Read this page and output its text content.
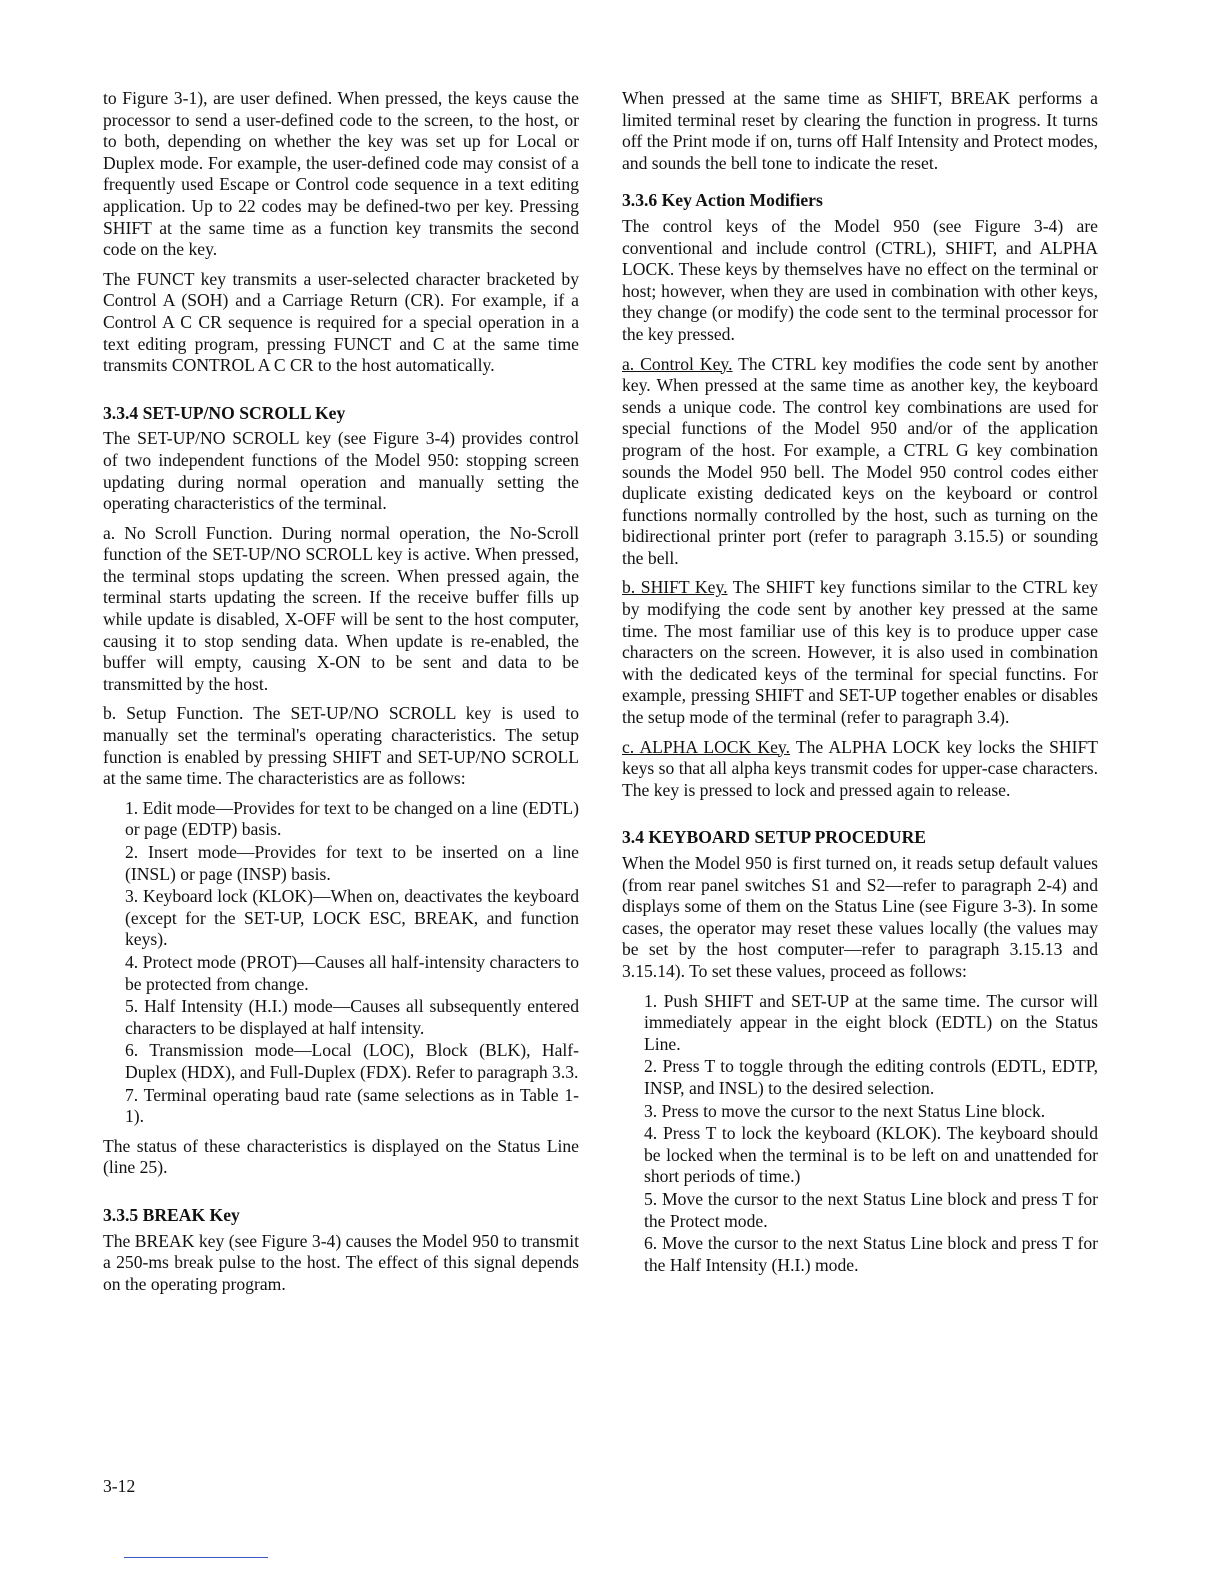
to Figure 3-1), are user defined. When pressed, the keys cause the processor to send a user-defined code to the screen, to the host, or to both, depending on whether the key was set up for Local or Duplex mode. For example, the user-defined code may consist of a frequently used Escape or Control code sequence in a text editing application. Up to 22 codes may be defined-two per key. Pressing SHIFT at the same time as a function key transmits the second code on the key.

The FUNCT key transmits a user-selected character bracketed by Control A (SOH) and a Carriage Return (CR). For example, if a Control A C CR sequence is required for a special operation in a text editing program, pressing FUNCT and C at the same time transmits CONTROL A C CR to the host automatically.

3.3.4 SET-UP/NO SCROLL Key

The SET-UP/NO SCROLL key (see Figure 3-4) provides control of two independent functions of the Model 950: stopping screen updating during normal operation and manually setting the operating characteristics of the terminal.

a. No Scroll Function. During normal operation, the No-Scroll function of the SET-UP/NO SCROLL key is active. When pressed, the terminal stops updating the screen. When pressed again, the terminal starts updating the screen. If the receive buffer fills up while update is disabled, X-OFF will be sent to the host computer, causing it to stop sending data. When update is re-enabled, the buffer will empty, causing X-ON to be sent and data to be transmitted by the host.

b. Setup Function. The SET-UP/NO SCROLL key is used to manually set the terminal's operating characteristics. The setup function is enabled by pressing SHIFT and SET-UP/NO SCROLL at the same time. The characteristics are as follows:

1. Edit mode—Provides for text to be changed on a line (EDTL) or page (EDTP) basis.
2. Insert mode—Provides for text to be inserted on a line (INSL) or page (INSP) basis.
3. Keyboard lock (KLOK)—When on, deactivates the keyboard (except for the SET-UP, LOCK ESC, BREAK, and function keys).
4. Protect mode (PROT)—Causes all half-intensity characters to be protected from change.
5. Half Intensity (H.I.) mode—Causes all subsequently entered characters to be displayed at half intensity.
6. Transmission mode—Local (LOC), Block (BLK), Half-Duplex (HDX), and Full-Duplex (FDX). Refer to paragraph 3.3.
7. Terminal operating baud rate (same selections as in Table 1-1).

The status of these characteristics is displayed on the Status Line (line 25).

3.3.5 BREAK Key

The BREAK key (see Figure 3-4) causes the Model 950 to transmit a 250-ms break pulse to the host. The effect of this signal depends on the operating program.

When pressed at the same time as SHIFT, BREAK performs a limited terminal reset by clearing the function in progress. It turns off the Print mode if on, turns off Half Intensity and Protect modes, and sounds the bell tone to indicate the reset.

3.3.6 Key Action Modifiers

The control keys of the Model 950 (see Figure 3-4) are conventional and include control (CTRL), SHIFT, and ALPHA LOCK. These keys by themselves have no effect on the terminal or host; however, when they are used in combination with other keys, they change (or modify) the code sent to the terminal processor for the key pressed.

a. Control Key. The CTRL key modifies the code sent by another key. When pressed at the same time as another key, the keyboard sends a unique code. The control key combinations are used for special functions of the Model 950 and/or of the application program of the host. For example, a CTRL G key combination sounds the Model 950 bell. The Model 950 control codes either duplicate existing dedicated keys on the keyboard or control functions normally controlled by the host, such as turning on the bidirectional printer port (refer to paragraph 3.15.5) or sounding the bell.

b. SHIFT Key. The SHIFT key functions similar to the CTRL key by modifying the code sent by another key pressed at the same time. The most familiar use of this key is to produce upper case characters on the screen. However, it is also used in combination with the dedicated keys of the terminal for special functins. For example, pressing SHIFT and SET-UP together enables or disables the setup mode of the terminal (refer to paragraph 3.4).

c. ALPHA LOCK Key. The ALPHA LOCK key locks the SHIFT keys so that all alpha keys transmit codes for upper-case characters. The key is pressed to lock and pressed again to release.

3.4 KEYBOARD SETUP PROCEDURE

When the Model 950 is first turned on, it reads setup default values (from rear panel switches S1 and S2—refer to paragraph 2-4) and displays some of them on the Status Line (see Figure 3-3). In some cases, the operator may reset these values locally (the values may be set by the host computer—refer to paragraph 3.15.13 and 3.15.14). To set these values, proceed as follows:

1. Push SHIFT and SET-UP at the same time. The cursor will immediately appear in the eight block (EDTL) on the Status Line.
2. Press T to toggle through the editing controls (EDTL, EDTP, INSP, and INSL) to the desired selection.
3. Press to move the cursor to the next Status Line block.
4. Press T to lock the keyboard (KLOK). The keyboard should be locked when the terminal is to be left on and unattended for short periods of time.)
5. Move the cursor to the next Status Line block and press T for the Protect mode.
6. Move the cursor to the next Status Line block and press T for the Half Intensity (H.I.) mode.
3-12
